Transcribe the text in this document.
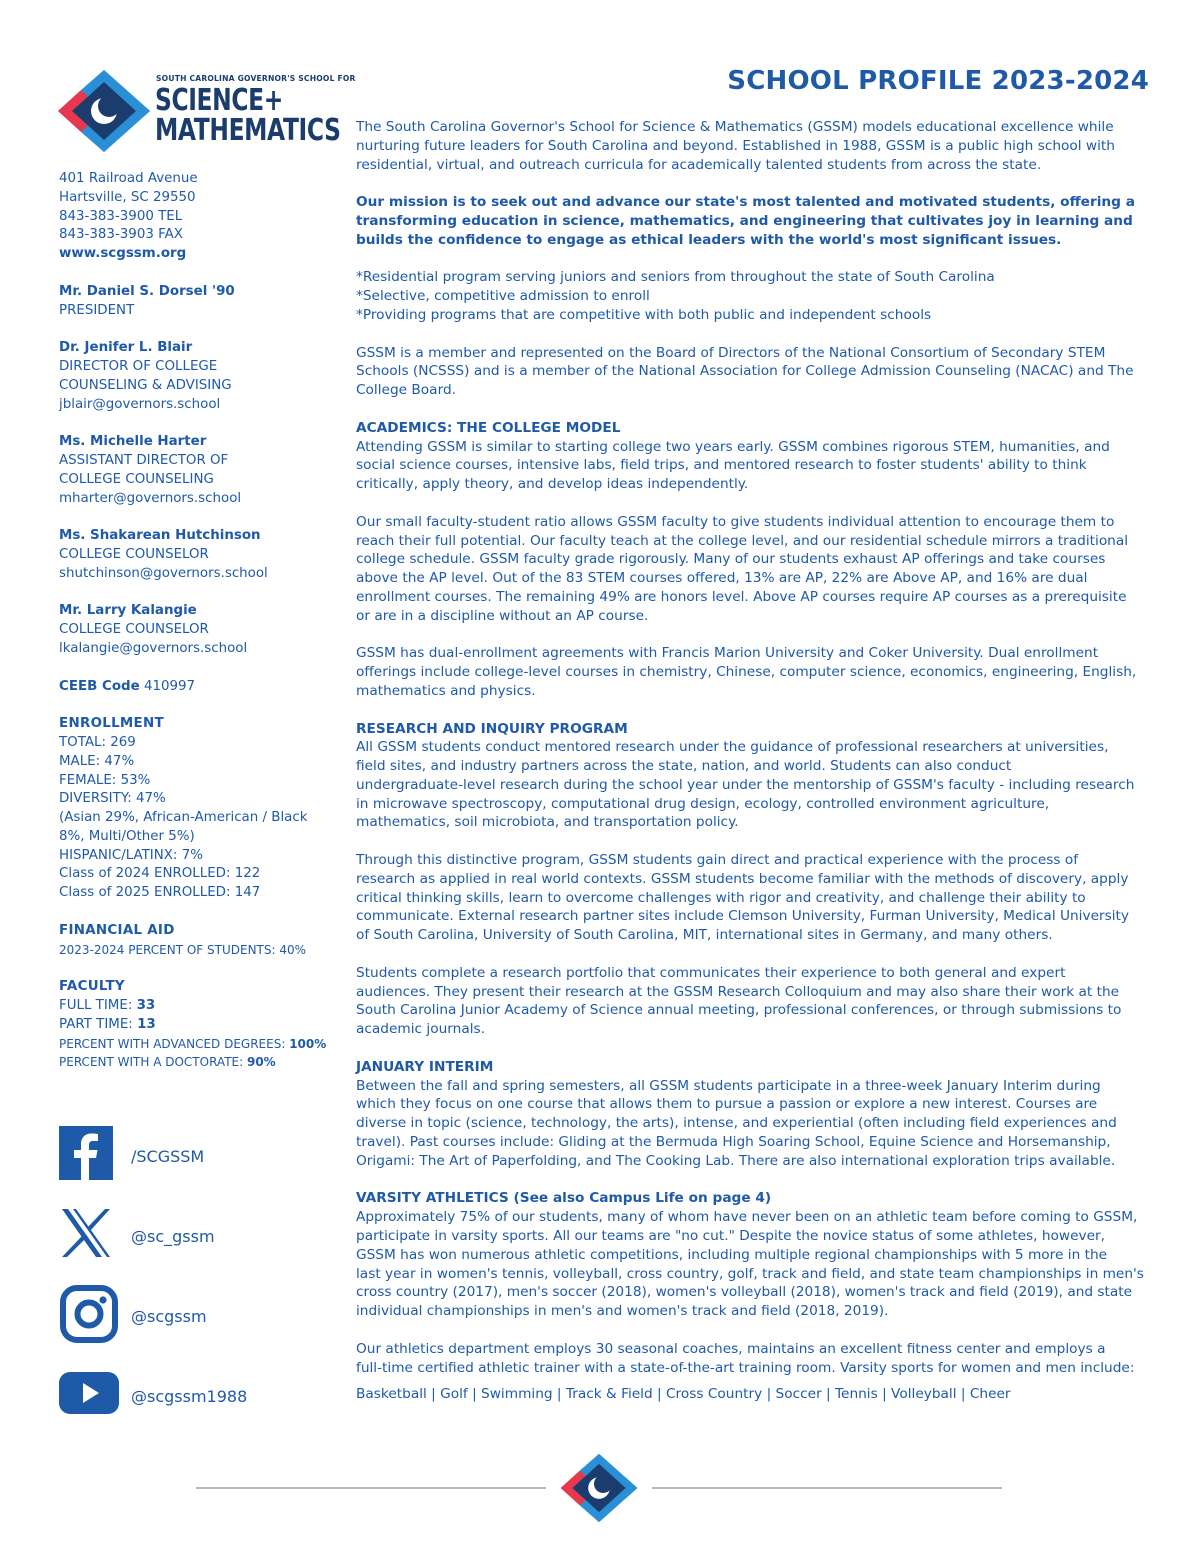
SOUTH CAROLINA GOVERNOR'S SCHOOL FOR
SCIENCE+
MATHEMATICS

401 Railroad Avenue
Hartsville, SC 29550
843-383-3900 TEL
843-383-3903 FAX
www.scgssm.org

Mr. Daniel S. Dorsel '90
PRESIDENT

Dr. Jenifer L. Blair
DIRECTOR OF COLLEGE
COUNSELING & ADVISING
jblair@governors.school

Ms. Michelle Harter
ASSISTANT DIRECTOR OF
COLLEGE COUNSELING
mharter@governors.school

Ms. Shakarean Hutchinson
COLLEGE COUNSELOR
shutchinson@governors.school

Mr. Larry Kalangie
COLLEGE COUNSELOR
lkalangie@governors.school

CEEB Code 410997

ENROLLMENT
TOTAL: 269
MALE: 47%
FEMALE: 53%
DIVERSITY: 47%
(Asian 29%, African-American / Black
8%, Multi/Other 5%)
HISPANIC/LATINX: 7%
Class of 2024 ENROLLED: 122
Class of 2025 ENROLLED: 147

FINANCIAL AID
2023-2024 PERCENT OF STUDENTS: 40%

FACULTY
FULL TIME: 33
PART TIME: 13
PERCENT WITH ADVANCED DEGREES: 100%
PERCENT WITH A DOCTORATE: 90%

/SCGSSM
@sc_gssm
@scgssm
@scgssm1988
SCHOOL PROFILE 2023-2024

The South Carolina Governor's School for Science & Mathematics (GSSM) models educational excellence while
nurturing future leaders for South Carolina and beyond. Established in 1988, GSSM is a public high school with
residential, virtual, and outreach curricula for academically talented students from across the state.

Our mission is to seek out and advance our state's most talented and motivated students, offering a
transforming education in science, mathematics, and engineering that cultivates joy in learning and
builds the confidence to engage as ethical leaders with the world's most significant issues.

*Residential program serving juniors and seniors from throughout the state of South Carolina
*Selective, competitive admission to enroll
*Providing programs that are competitive with both public and independent schools

GSSM is a member and represented on the Board of Directors of the National Consortium of Secondary STEM
Schools (NCSSS) and is a member of the National Association for College Admission Counseling (NACAC) and The
College Board.

ACADEMICS: THE COLLEGE MODEL
Attending GSSM is similar to starting college two years early. GSSM combines rigorous STEM, humanities, and
social science courses, intensive labs, field trips, and mentored research to foster students' ability to think
critically, apply theory, and develop ideas independently.

Our small faculty-student ratio allows GSSM faculty to give students individual attention to encourage them to
reach their full potential. Our faculty teach at the college level, and our residential schedule mirrors a traditional
college schedule. GSSM faculty grade rigorously. Many of our students exhaust AP offerings and take courses
above the AP level. Out of the 83 STEM courses offered, 13% are AP, 22% are Above AP, and 16% are dual
enrollment courses. The remaining 49% are honors level. Above AP courses require AP courses as a prerequisite
or are in a discipline without an AP course.

GSSM has dual-enrollment agreements with Francis Marion University and Coker University. Dual enrollment
offerings include college-level courses in chemistry, Chinese, computer science, economics, engineering, English,
mathematics and physics.

RESEARCH AND INQUIRY PROGRAM
All GSSM students conduct mentored research under the guidance of professional researchers at universities,
field sites, and industry partners across the state, nation, and world. Students can also conduct
undergraduate-level research during the school year under the mentorship of GSSM's faculty - including research
in microwave spectroscopy, computational drug design, ecology, controlled environment agriculture,
mathematics, soil microbiota, and transportation policy.

Through this distinctive program, GSSM students gain direct and practical experience with the process of
research as applied in real world contexts. GSSM students become familiar with the methods of discovery, apply
critical thinking skills, learn to overcome challenges with rigor and creativity, and challenge their ability to
communicate. External research partner sites include Clemson University, Furman University, Medical University
of South Carolina, University of South Carolina, MIT, international sites in Germany, and many others.

Students complete a research portfolio that communicates their experience to both general and expert
audiences. They present their research at the GSSM Research Colloquium and may also share their work at the
South Carolina Junior Academy of Science annual meeting, professional conferences, or through submissions to
academic journals.

JANUARY INTERIM
Between the fall and spring semesters, all GSSM students participate in a three-week January Interim during
which they focus on one course that allows them to pursue a passion or explore a new interest. Courses are
diverse in topic (science, technology, the arts), intense, and experiential (often including field experiences and
travel). Past courses include: Gliding at the Bermuda High Soaring School, Equine Science and Horsemanship,
Origami: The Art of Paperfolding, and The Cooking Lab. There are also international exploration trips available.

VARSITY ATHLETICS (See also Campus Life on page 4)
Approximately 75% of our students, many of whom have never been on an athletic team before coming to GSSM,
participate in varsity sports. All our teams are "no cut." Despite the novice status of some athletes, however,
GSSM has won numerous athletic competitions, including multiple regional championships with 5 more in the
last year in women's tennis, volleyball, cross country, golf, track and field, and state team championships in men's
cross country (2017), men's soccer (2018), women's volleyball (2018), women's track and field (2019), and state
individual championships in men's and women's track and field (2018, 2019).

Our athletics department employs 30 seasonal coaches, maintains an excellent fitness center and employs a
full-time certified athletic trainer with a state-of-the-art training room. Varsity sports for women and men include:

Basketball | Golf | Swimming | Track & Field | Cross Country | Soccer | Tennis | Volleyball | Cheer
